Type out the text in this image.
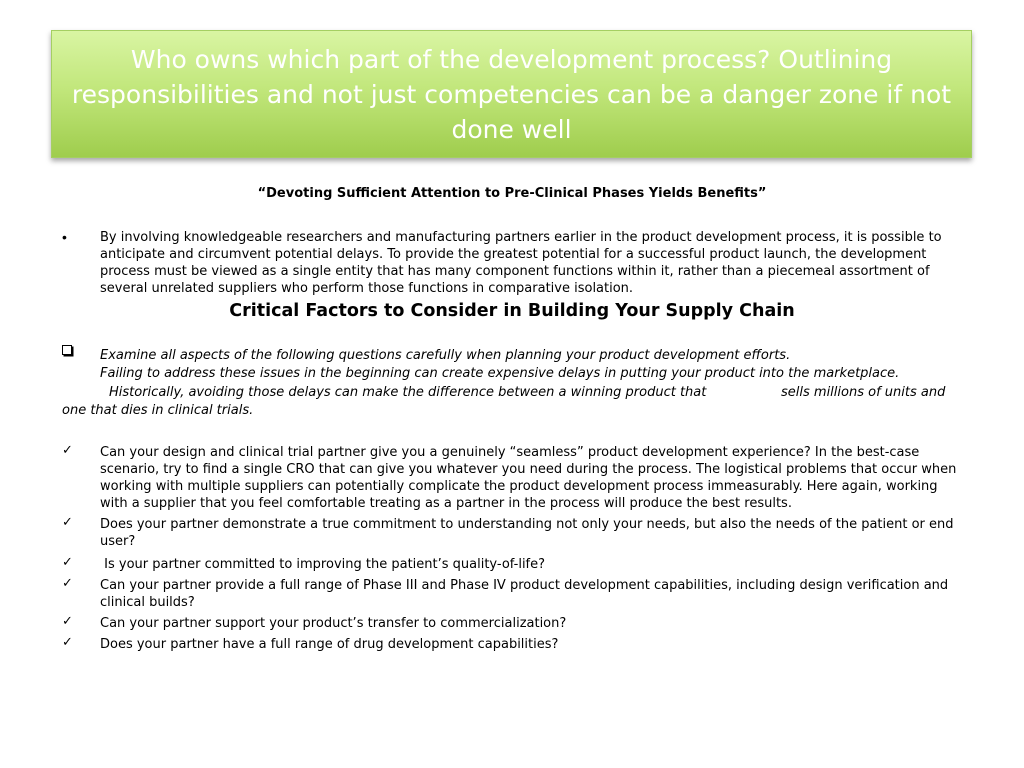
Who owns which part of the development process? Outlining responsibilities and not just competencies can be a danger zone if not done well
“Devoting Sufficient Attention to Pre-Clinical Phases Yields Benefits”
•	By involving knowledgeable researchers and manufacturing partners earlier in the product development process, it is possible to anticipate and circumvent potential delays. To provide the greatest potential for a successful product launch, the development process must be viewed as a single entity that has many component functions within it, rather than a piecemeal assortment of several unrelated suppliers who perform those functions in comparative isolation.
Critical Factors to Consider in Building Your Supply Chain
Examine all aspects of the following questions carefully when planning your product development efforts.
Failing to address these issues in the beginning can create expensive delays in putting your product into the marketplace.
Historically, avoiding those delays can make the difference between a winning product that	sells millions of units and
one that dies in clinical trials.
✓ Can your design and clinical trial partner give you a genuinely “seamless” product development experience? In the best-case scenario, try to find a single CRO that can give you whatever you need during the process. The logistical problems that occur when working with multiple suppliers can potentially complicate the product development process immeasurably. Here again, working with a supplier that you feel comfortable treating as a partner in the process will produce the best results.
✓ Does your partner demonstrate a true commitment to understanding not only your needs, but also the needs of the patient or end user?
✓ Is your partner committed to improving the patient’s quality-of-life?
✓ Can your partner provide a full range of Phase III and Phase IV product development capabilities, including design verification and clinical builds?
✓ Can your partner support your product’s transfer to commercialization?
✓ Does your partner have a full range of drug development capabilities?
